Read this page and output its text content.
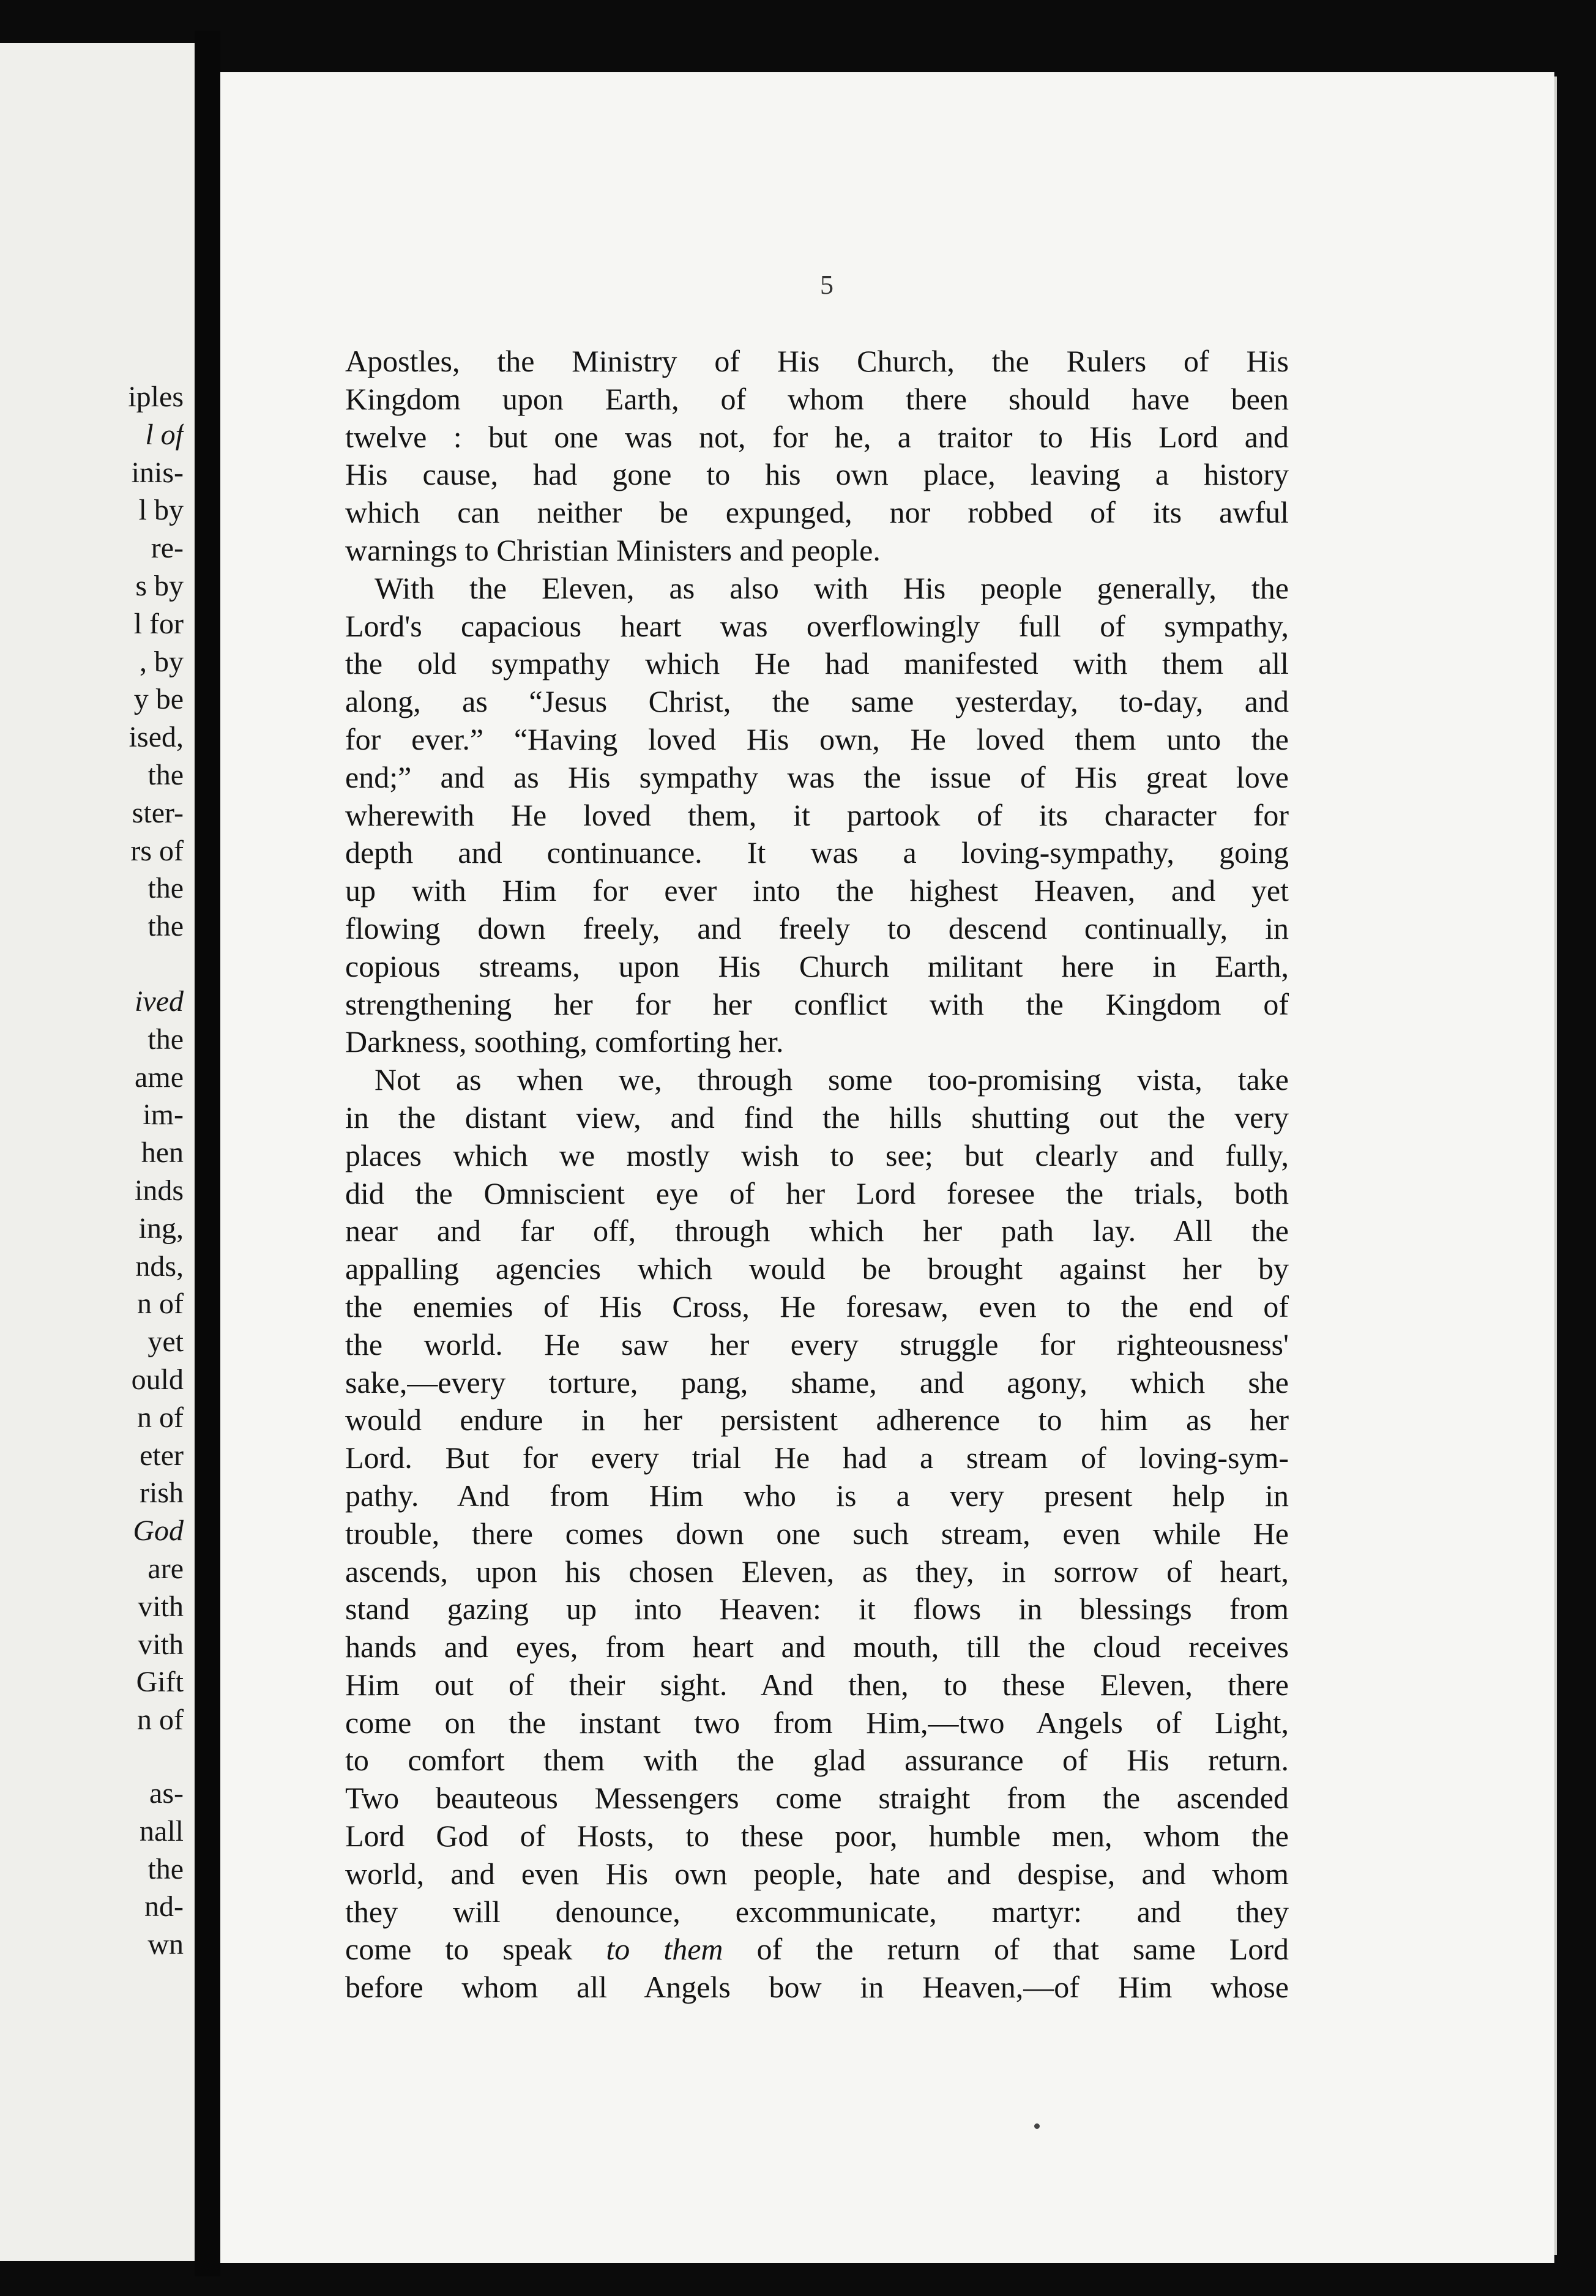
iples
l of
inis-
l by
re-
s by
l for
, by
y be
ised,
the
ster-
rs of
the
the
ived
the
ame
im-
hen
inds
ing,
nds,
n of
yet
ould
n of
eter
rish
God
are
vith
vith
Gift
n of
as-
nall
the
nd-
wn
5
Apostles, the Ministry of His Church, the Rulers of His
Kingdom upon Earth, of whom there should have been
twelve : but one was not, for he, a traitor to His Lord and
His cause, had gone to his own place, leaving a history
which can neither be expunged, nor robbed of its awful
warnings to Christian Ministers and people.
With the Eleven, as also with His people generally, the
Lord's capacious heart was overflowingly full of sympathy,
the old sympathy which He had manifested with them all
along, as “Jesus Christ, the same yesterday, to-day, and
for ever.” “Having loved His own, He loved them unto the
end;” and as His sympathy was the issue of His great love
wherewith He loved them, it partook of its character for
depth and continuance. It was a loving-sympathy, going
up with Him for ever into the highest Heaven, and yet
flowing down freely, and freely to descend continually, in
copious streams, upon His Church militant here in Earth,
strengthening her for her conflict with the Kingdom of
Darkness, soothing, comforting her.
Not as when we, through some too-promising vista, take
in the distant view, and find the hills shutting out the very
places which we mostly wish to see; but clearly and fully,
did the Omniscient eye of her Lord foresee the trials, both
near and far off, through which her path lay. All the
appalling agencies which would be brought against her by
the enemies of His Cross, He foresaw, even to the end of
the world. He saw her every struggle for righteousness'
sake,—every torture, pang, shame, and agony, which she
would endure in her persistent adherence to him as her
Lord. But for every trial He had a stream of loving-sym-
pathy. And from Him who is a very present help in
trouble, there comes down one such stream, even while He
ascends, upon his chosen Eleven, as they, in sorrow of heart,
stand gazing up into Heaven: it flows in blessings from
hands and eyes, from heart and mouth, till the cloud receives
Him out of their sight. And then, to these Eleven, there
come on the instant two from Him,—two Angels of Light,
to comfort them with the glad assurance of His return.
Two beauteous Messengers come straight from the ascended
Lord God of Hosts, to these poor, humble men, whom the
world, and even His own people, hate and despise, and whom
they will denounce, excommunicate, martyr: and they
come to speak to them of the return of that same Lord
before whom all Angels bow in Heaven,—of Him whose
